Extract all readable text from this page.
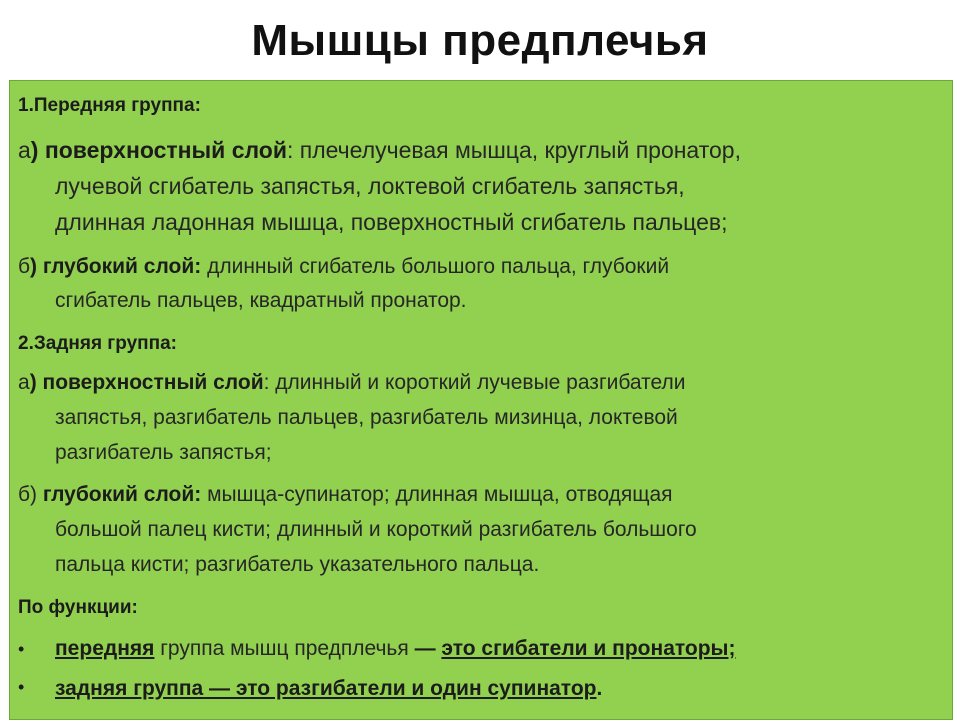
Мышцы предплечья
1.Передняя группа:
а) поверхностный слой: плечелучевая мышца, круглый пронатор,
лучевой сгибатель запястья, локтевой сгибатель запястья,
длинная ладонная мышца, поверхностный сгибатель пальцев;
б) глубокий слой: длинный сгибатель большого пальца, глубокий
сгибатель пальцев, квадратный пронатор.
2.Задняя группа:
а) поверхностный слой: длинный и короткий лучевые разгибатели
запястья, разгибатель пальцев, разгибатель мизинца, локтевой
разгибатель запястья;
б) глубокий слой: мышца-супинатор; длинная мышца, отводящая
большой палец кисти; длинный и короткий разгибатель большого
пальца кисти; разгибатель указательного пальца.
По функции:
• передняя группа мышц предплечья — это сгибатели и пронаторы;
• задняя группа — это разгибатели и один супинатор.
